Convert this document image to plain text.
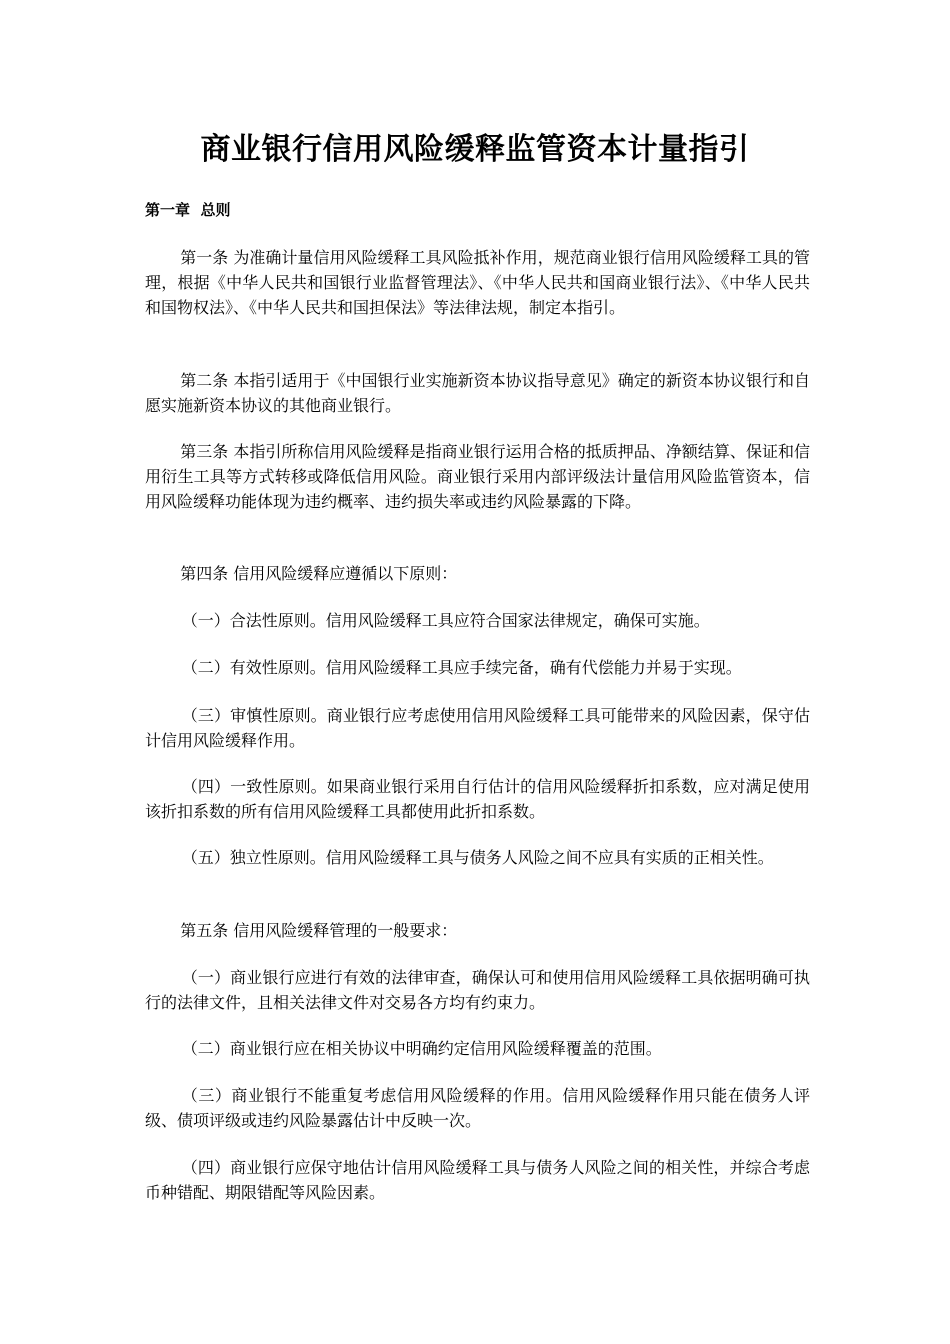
商业银行信用风险缓释监管资本计量指引
第一章  总则

第一条 为准确计量信用风险缓释工具风险抵补作用，规范商业银行信用风险缓释工具的管理，根据《中华人民共和国银行业监督管理法》、《中华人民共和国商业银行法》、《中华人民共和国物权法》、《中华人民共和国担保法》等法律法规，制定本指引。

第二条 本指引适用于《中国银行业实施新资本协议指导意见》确定的新资本协议银行和自愿实施新资本协议的其他商业银行。

第三条 本指引所称信用风险缓释是指商业银行运用合格的抵质押品、净额结算、保证和信用衍生工具等方式转移或降低信用风险。商业银行采用内部评级法计量信用风险监管资本，信用风险缓释功能体现为违约概率、违约损失率或违约风险暴露的下降。

第四条 信用风险缓释应遵循以下原则：

（一）合法性原则。信用风险缓释工具应符合国家法律规定，确保可实施。

（二）有效性原则。信用风险缓释工具应手续完备，确有代偿能力并易于实现。

（三）审慎性原则。商业银行应考虑使用信用风险缓释工具可能带来的风险因素，保守估计信用风险缓释作用。

（四）一致性原则。如果商业银行采用自行估计的信用风险缓释折扣系数，应对满足使用该折扣系数的所有信用风险缓释工具都使用此折扣系数。

（五）独立性原则。信用风险缓释工具与债务人风险之间不应具有实质的正相关性。

第五条 信用风险缓释管理的一般要求：

（一）商业银行应进行有效的法律审查，确保认可和使用信用风险缓释工具依据明确可执行的法律文件，且相关法律文件对交易各方均有约束力。

（二）商业银行应在相关协议中明确约定信用风险缓释覆盖的范围。

（三）商业银行不能重复考虑信用风险缓释的作用。信用风险缓释作用只能在债务人评级、债项评级或违约风险暴露估计中反映一次。

（四）商业银行应保守地估计信用风险缓释工具与债务人风险之间的相关性，并综合考虑币种错配、期限错配等风险因素。
